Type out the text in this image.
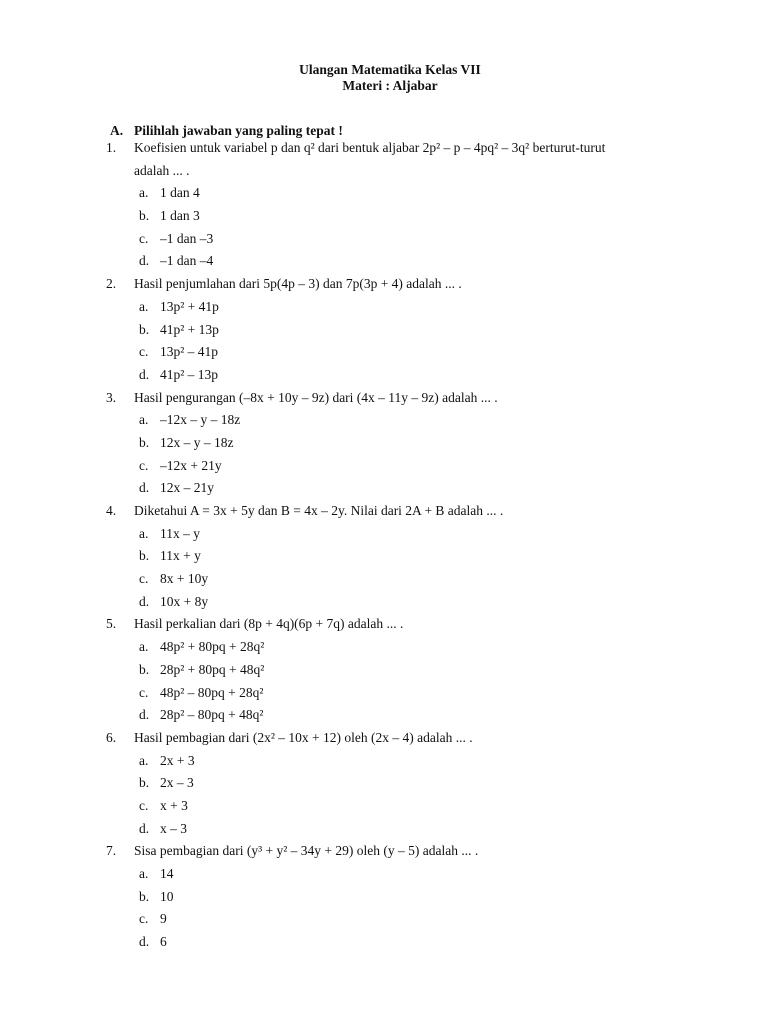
Ulangan Matematika Kelas VII
Materi : Aljabar
A. Pilihlah jawaban yang paling tepat !
1. Koefisien untuk variabel p dan q² dari bentuk aljabar 2p² – p – 4pq² – 3q² berturut-turut
adalah ... .
a. 1 dan 4
b. 1 dan 3
c. –1 dan –3
d. –1 dan –4
2. Hasil penjumlahan dari 5p(4p – 3) dan 7p(3p + 4) adalah ... .
a. 13p² + 41p
b. 41p² + 13p
c. 13p² – 41p
d. 41p² – 13p
3. Hasil pengurangan (–8x + 10y – 9z) dari (4x – 11y – 9z) adalah ... .
a. –12x – y – 18z
b. 12x – y – 18z
c. –12x + 21y
d. 12x – 21y
4. Diketahui A = 3x + 5y dan B = 4x – 2y. Nilai dari 2A + B adalah ... .
a. 11x – y
b. 11x + y
c. 8x + 10y
d. 10x + 8y
5. Hasil perkalian dari (8p + 4q)(6p + 7q) adalah ... .
a. 48p² + 80pq + 28q²
b. 28p² + 80pq + 48q²
c. 48p² – 80pq + 28q²
d. 28p² – 80pq + 48q²
6. Hasil pembagian dari (2x² – 10x + 12) oleh (2x – 4) adalah ... .
a. 2x + 3
b. 2x – 3
c. x + 3
d. x – 3
7. Sisa pembagian dari (y³ + y² – 34y + 29) oleh (y – 5) adalah ... .
a. 14
b. 10
c. 9
d. 6
